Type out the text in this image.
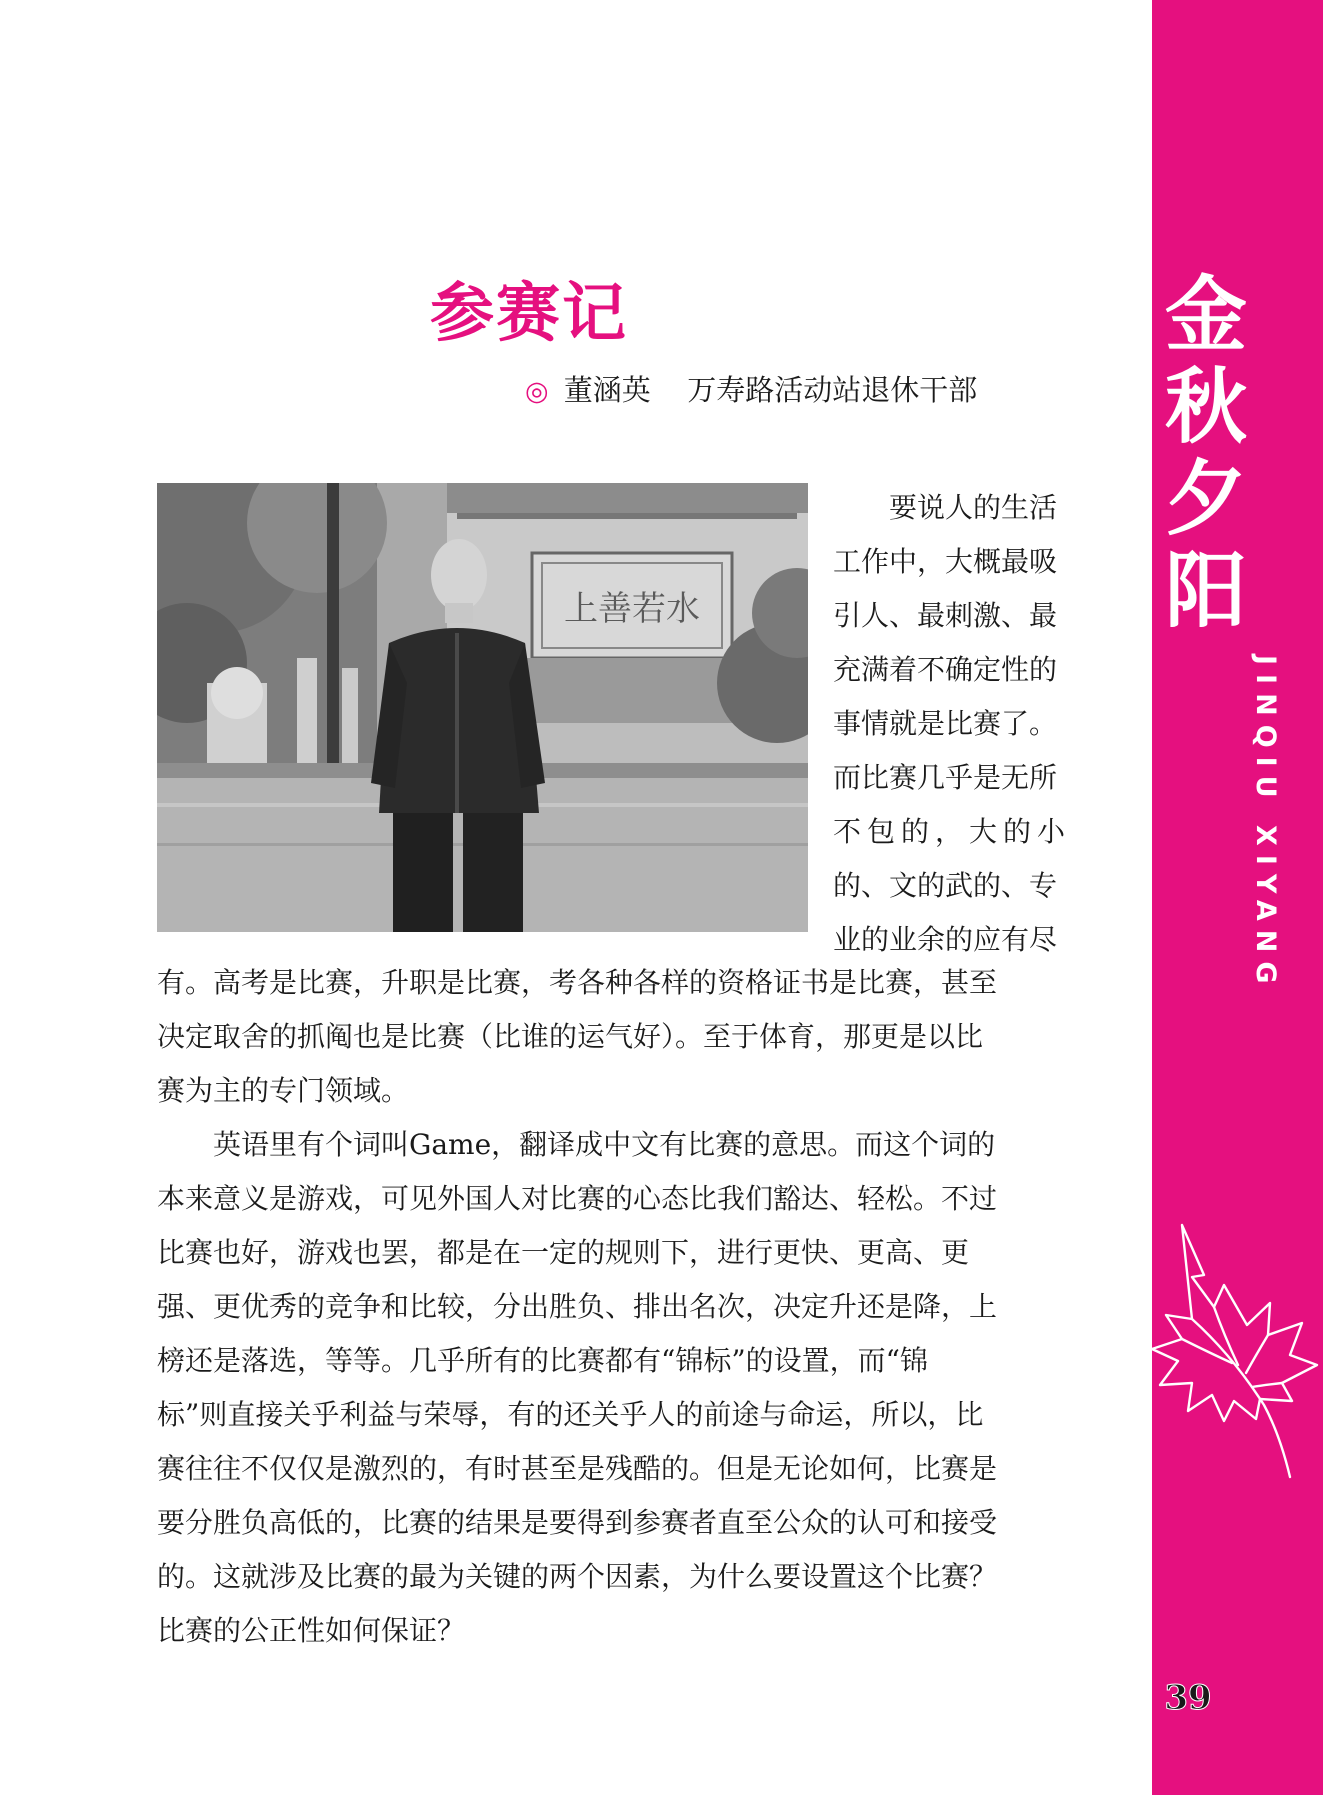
金
秋
夕
阳
JINQIU XIYANG
39
参赛记
◎ 董涵英 万寿路活动站退休干部
上善若水

要说人的生活

工作中，大概最吸

引人、最刺激、最

充满着不确定性的

事情就是比赛了。

而比赛几乎是无所

不包的，大的小

的、文的武的、专

业的业余的应有尽

有。高考是比赛，升职是比赛，考各种各样的资格证书是比赛，甚至

决定取舍的抓阄也是比赛（比谁的运气好）。至于体育，那更是以比

赛为主的专门领域。

　　英语里有个词叫Game，翻译成中文有比赛的意思。而这个词的

本来意义是游戏，可见外国人对比赛的心态比我们豁达、轻松。不过

比赛也好，游戏也罢，都是在一定的规则下，进行更快、更高、更

强、更优秀的竞争和比较，分出胜负、排出名次，决定升还是降，上

榜还是落选，等等。几乎所有的比赛都有“锦标”的设置，而“锦

标”则直接关乎利益与荣辱，有的还关乎人的前途与命运，所以，比

赛往往不仅仅是激烈的，有时甚至是残酷的。但是无论如何，比赛是

要分胜负高低的，比赛的结果是要得到参赛者直至公众的认可和接受

的。这就涉及比赛的最为关键的两个因素，为什么要设置这个比赛？

比赛的公正性如何保证？
